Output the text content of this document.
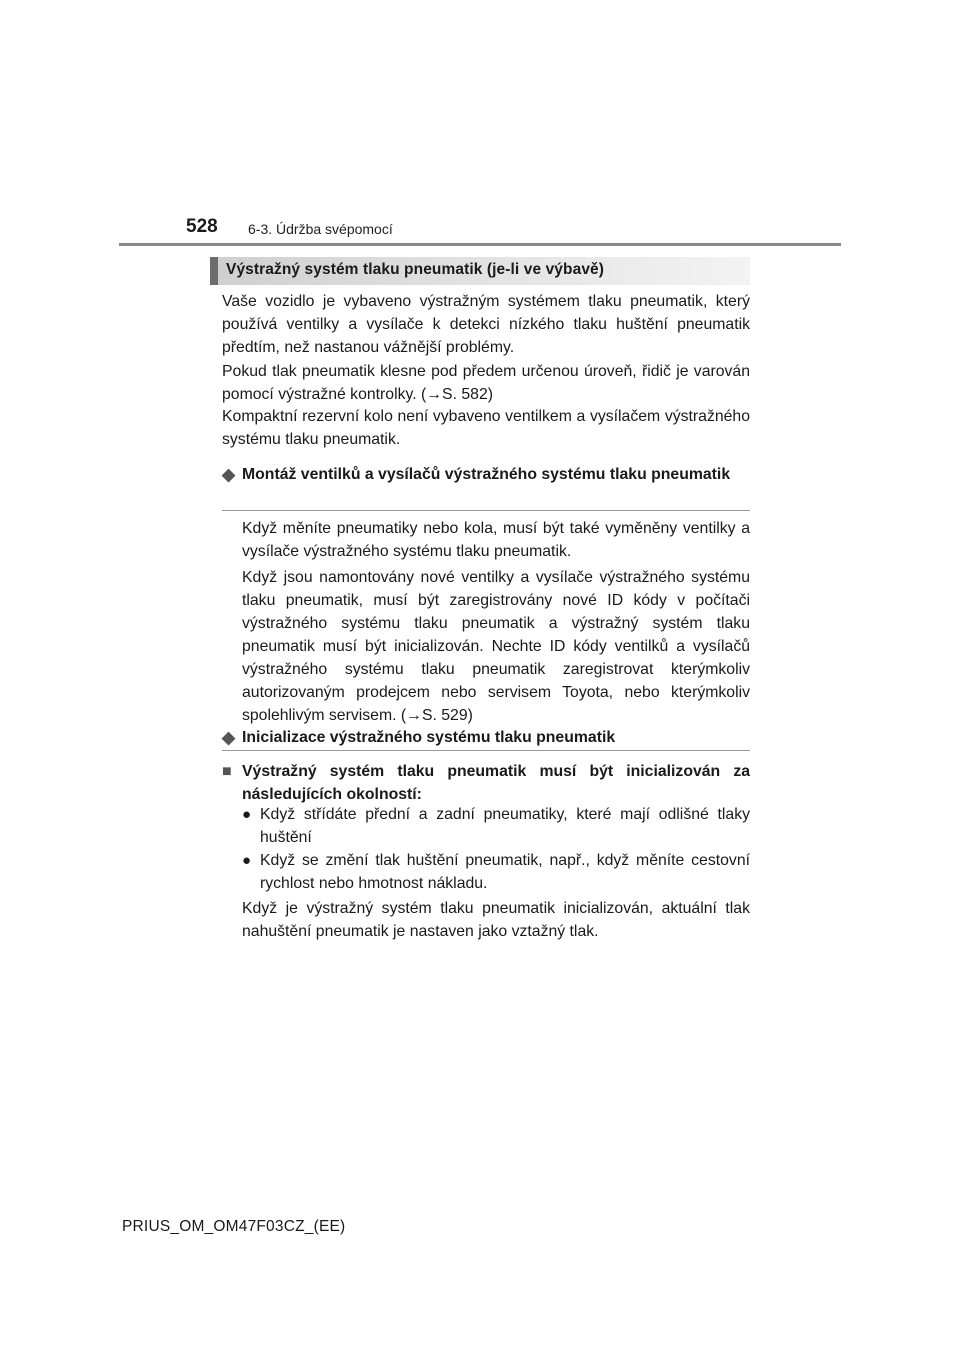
528 6-3. Údržba svépomocí
Výstražný systém tlaku pneumatik (je-li ve výbavě)

Vaše vozidlo je vybaveno výstražným systémem tlaku pneumatik, který používá ventilky a vysílače k detekci nízkého tlaku huštění pneumatik předtím, než nastanou vážnější problémy.

Pokud tlak pneumatik klesne pod předem určenou úroveň, řidič je varován pomocí výstražné kontrolky. (→S. 582)

Kompaktní rezervní kolo není vybaveno ventilkem a vysílačem výstražného systému tlaku pneumatik.

◆ Montáž ventilků a vysílačů výstražného systému tlaku pneumatik

Když měníte pneumatiky nebo kola, musí být také vyměněny ventilky a vysílače výstražného systému tlaku pneumatik.

Když jsou namontovány nové ventilky a vysílače výstražného systému tlaku pneumatik, musí být zaregistrovány nové ID kódy v počítači výstražného systému tlaku pneumatik a výstražný systém tlaku pneumatik musí být inicializován. Nechte ID kódy ventilků a vysílačů výstražného systému tlaku pneumatik zaregistrovat kterýmkoliv autorizovaným prodejcem nebo servisem Toyota, nebo kterýmkoliv spolehlivým servisem. (→S. 529)

◆ Inicializace výstražného systému tlaku pneumatik
■ Výstražný systém tlaku pneumatik musí být inicializován za následujících okolností:
● Když střídáte přední a zadní pneumatiky, které mají odlišné tlaky huštění
● Když se změní tlak huštění pneumatik, např., když měníte cestovní rychlost nebo hmotnost nákladu.

Když je výstražný systém tlaku pneumatik inicializován, aktuální tlak nahuštění pneumatik je nastaven jako vztažný tlak.

PRIUS_OM_OM47F03CZ_(EE)
